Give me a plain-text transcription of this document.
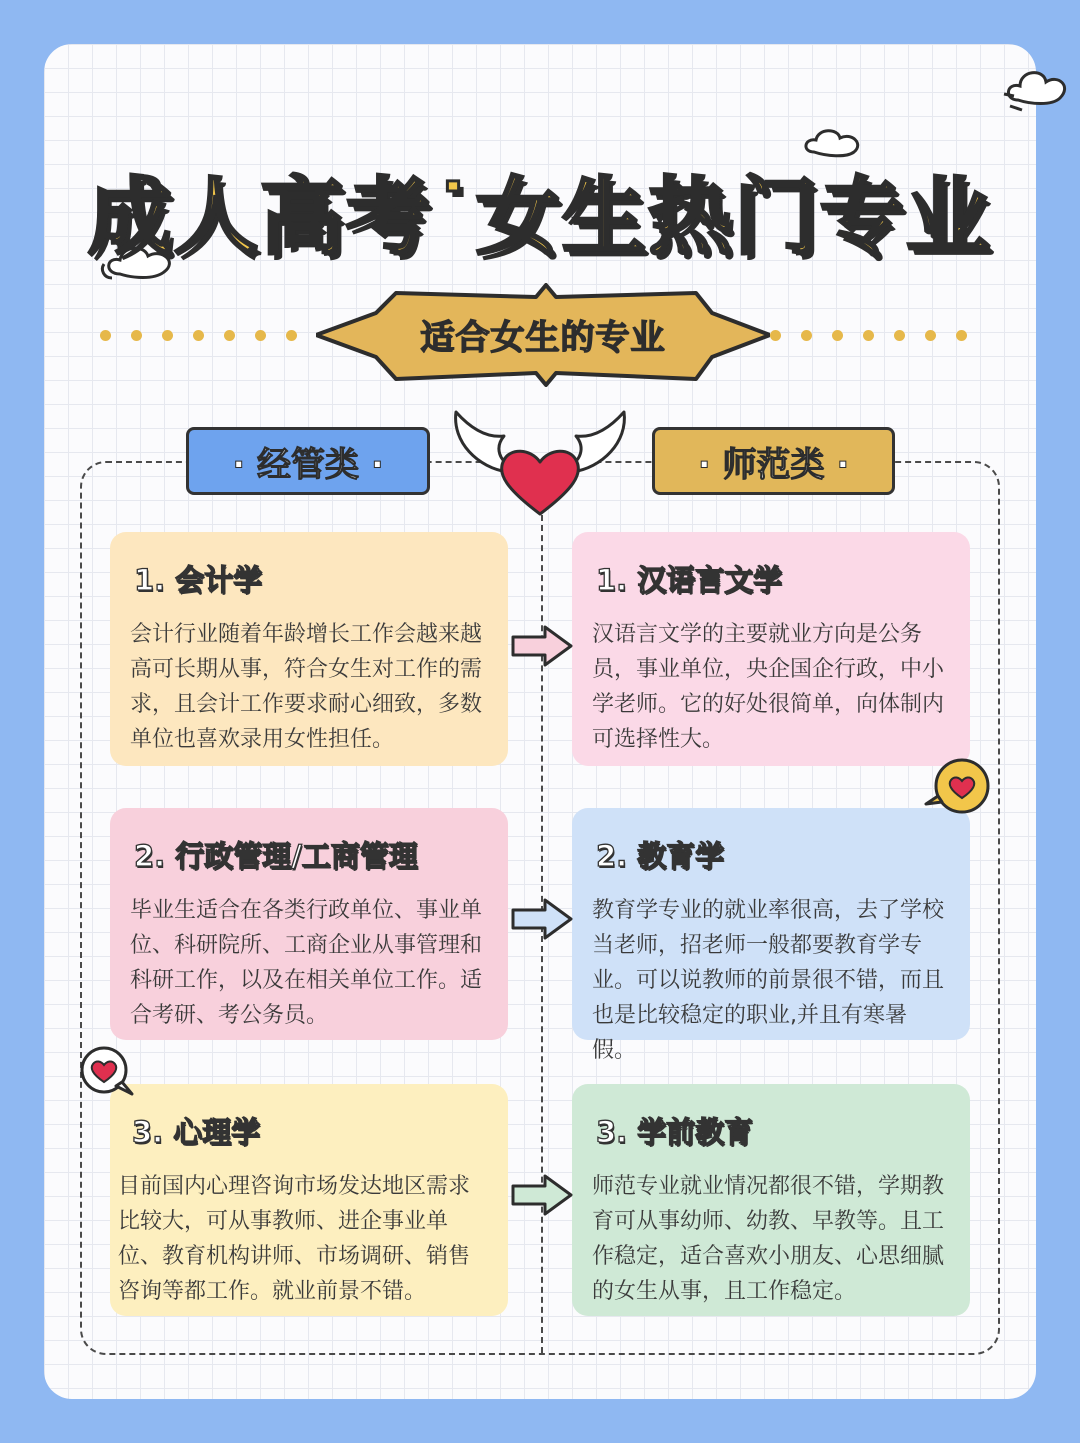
成人高考˙女生热门专业
适合女生的专业
· 经管类 ·	· 师范类 ·
1. 会计学

会计行业随着年龄增长工作会越来越高可长期从事，符合女生对工作的需求，且会计工作要求耐心细致，多数单位也喜欢录用女性担任。

2. 行政管理/工商管理

毕业生适合在各类行政单位、事业单位、科研院所、工商企业从事管理和科研工作，以及在相关单位工作。适合考研、考公务员。

3. 心理学

目前国内心理咨询市场发达地区需求比较大，可从事教师、进企事业单位、教育机构讲师、市场调研、销售咨询等都工作。就业前景不错。

1. 汉语言文学

汉语言文学的主要就业方向是公务员，事业单位，央企国企行政，中小学老师。它的好处很简单，向体制内可选择性大。

2. 教育学

教育学专业的就业率很高，去了学校当老师，招老师一般都要教育学专业。可以说教师的前景很不错，而且也是比较稳定的职业,并且有寒暑假。

3. 学前教育

师范专业就业情况都很不错，学期教育可从事幼师、幼教、早教等。且工作稳定，适合喜欢小朋友、心思细腻的女生从事，且工作稳定。
